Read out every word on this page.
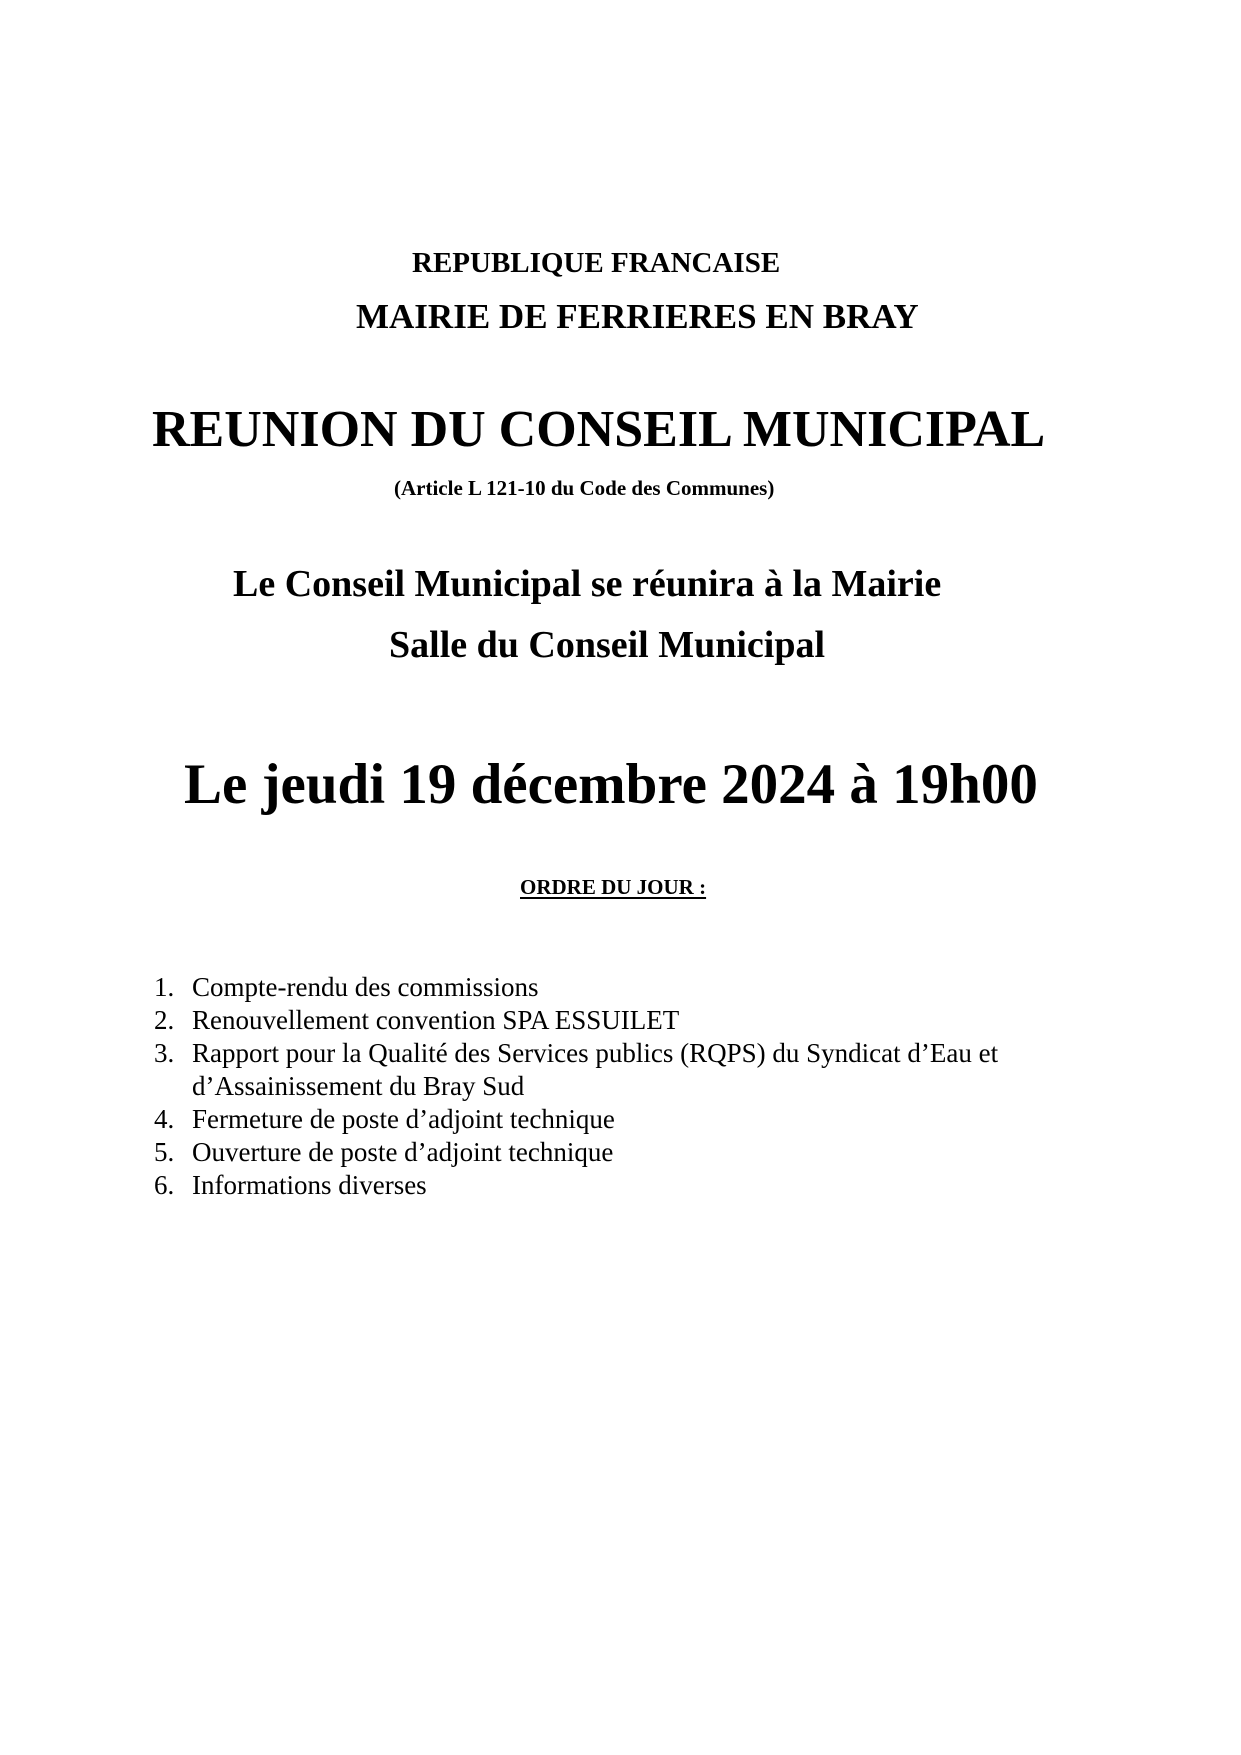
REPUBLIQUE FRANCAISE

MAIRIE DE FERRIERES EN BRAY

REUNION DU CONSEIL MUNICIPAL

(Article L 121-10 du Code des Communes)

Le Conseil Municipal se réunira à la Mairie

Salle du Conseil Municipal

Le jeudi 19 décembre 2024 à 19h00

ORDRE DU JOUR :

1. Compte-rendu des commissions
2. Renouvellement convention SPA ESSUILET
3. Rapport pour la Qualité des Services publics (RQPS) du Syndicat d’Eau et d’Assainissement du Bray Sud
4. Fermeture de poste d’adjoint technique
5. Ouverture de poste d’adjoint technique
6. Informations diverses
